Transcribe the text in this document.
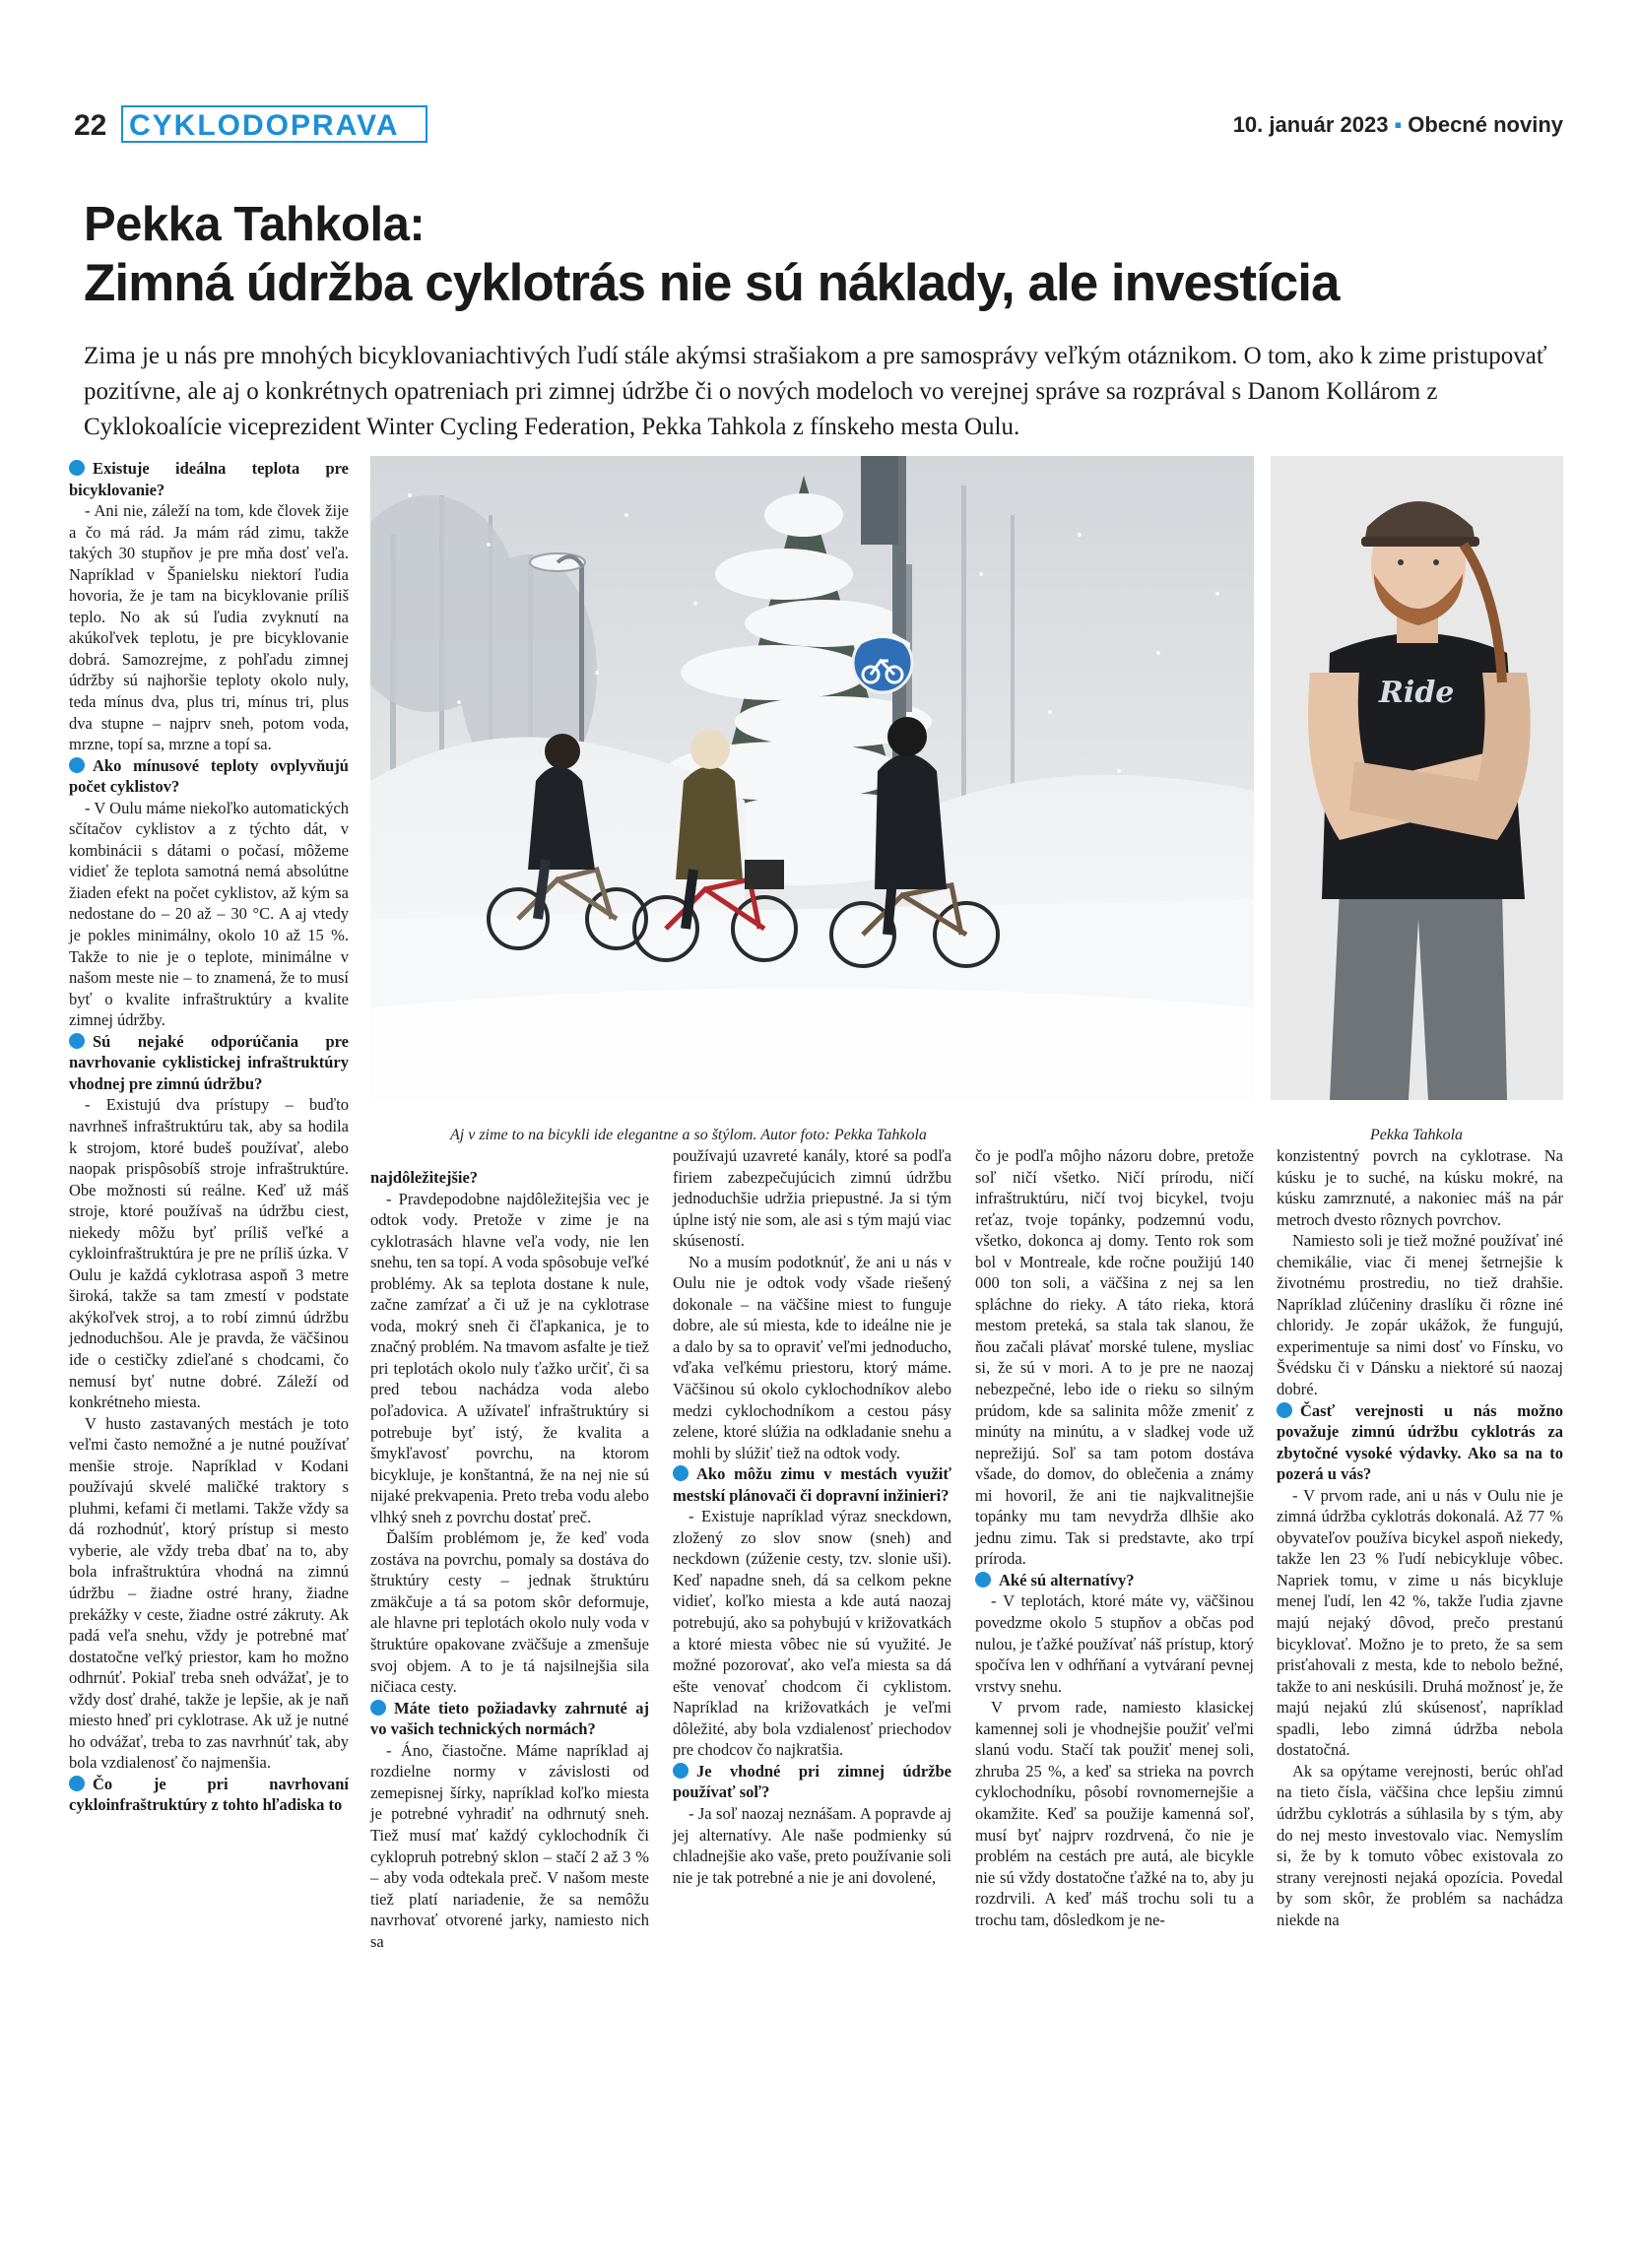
22 CYKLODOPRAVA	10. január 2023 ▪ Obecné noviny
Pekka Tahkola:
Zimná údržba cyklotrás nie sú náklady, ale investícia
Zima je u nás pre mnohých bicyklovaniachtivých ľudí stále akýmsi strašiakom a pre samosprávy veľkým otáznikom. O tom, ako k zime pristupovať pozitívne, ale aj o konkrétnych opatreniach pri zimnej údržbe či o nových modeloch vo verejnej správe sa rozprával s Danom Kollárom z Cyklokoalície viceprezident Winter Cycling Federation, Pekka Tahkola z fínskeho mesta Oulu.
Ride
Aj v zime to na bicykli ide elegantne a so štýlom. Autor foto: Pekka Tahkola	Pekka Tahkola

Existuje ideálna teplota pre bicyklovanie?

- Ani nie, záleží na tom, kde človek žije a čo má rád. Ja mám rád zimu, takže takých 30 stupňov je pre mňa dosť veľa. Napríklad v Španielsku niektorí ľudia hovoria, že je tam na bicyklovanie príliš teplo. No ak sú ľudia zvyknutí na akúkoľvek teplotu, je pre bicyklovanie dobrá. Samozrejme, z pohľadu zimnej údržby sú najhoršie teploty okolo nuly, teda mínus dva, plus tri, mínus tri, plus dva stupne – najprv sneh, potom voda, mrzne, topí sa, mrzne a topí sa.

Ako mínusové teploty ovplyvňujú počet cyklistov?

- V Oulu máme niekoľko automatických sčítačov cyklistov a z týchto dát, v kombinácii s dátami o počasí, môžeme vidieť že teplota samotná nemá absolútne žiaden efekt na počet cyklistov, až kým sa nedostane do – 20 až – 30 °C. A aj vtedy je pokles minimálny, okolo 10 až 15 %. Takže to nie je o teplote, minimálne v našom meste nie – to znamená, že to musí byť o kvalite infraštruktúry a kvalite zimnej údržby.

Sú nejaké odporúčania pre navrhovanie cyklistickej infraštruktúry vhodnej pre zimnú údržbu?

- Existujú dva prístupy – buďto navrhneš infraštruktúru tak, aby sa hodila k strojom, ktoré budeš používať, alebo naopak prispôsobíš stroje infraštruktúre. Obe možnosti sú reálne. Keď už máš stroje, ktoré používaš na údržbu ciest, niekedy môžu byť príliš veľké a cykloinfraštruktúra je pre ne príliš úzka. V Oulu je každá cyklotrasa aspoň 3 metre široká, takže sa tam zmestí v podstate akýkoľvek stroj, a to robí zimnú údržbu jednoduchšou. Ale je pravda, že väčšinou ide o cestičky zdieľané s chodcami, čo nemusí byť nutne dobré. Záleží od konkrétneho miesta.

V husto zastavaných mestách je toto veľmi často nemožné a je nutné používať menšie stroje. Napríklad v Kodani používajú skvelé maličké traktory s pluhmi, kefami či metlami. Takže vždy sa dá rozhodnúť, ktorý prístup si mesto vyberie, ale vždy treba dbať na to, aby bola infraštruktúra vhodná na zimnú údržbu – žiadne ostré hrany, žiadne prekážky v ceste, žiadne ostré zákruty. Ak padá veľa snehu, vždy je potrebné mať dostatočne veľký priestor, kam ho možno odhrnúť. Pokiaľ treba sneh odvážať, je to vždy dosť drahé, takže je lepšie, ak je naň miesto hneď pri cyklotrase. Ak už je nutné ho odvážať, treba to zas navrhnúť tak, aby bola vzdialenosť čo najmenšia.

Čo je pri navrhovaní cykloinfraštruktúry z tohto hľadiska to

najdôležitejšie?

- Pravdepodobne najdôležitejšia vec je odtok vody. Pretože v zime je na cyklotrasách hlavne veľa vody, nie len snehu, ten sa topí. A voda spôsobuje veľké problémy. Ak sa teplota dostane k nule, začne zamŕzať a či už je na cyklotrase voda, mokrý sneh či čľapkanica, je to značný problém. Na tmavom asfalte je tiež pri teplotách okolo nuly ťažko určiť, či sa pred tebou nachádza voda alebo poľadovica. A užívateľ infraštruktúry si potrebuje byť istý, že kvalita a šmykľavosť povrchu, na ktorom bicykluje, je konštantná, že na nej nie sú nijaké prekvapenia. Preto treba vodu alebo vlhký sneh z povrchu dostať preč.

Ďalším problémom je, že keď voda zostáva na povrchu, pomaly sa dostáva do štruktúry cesty – jednak štruktúru zmäkčuje a tá sa potom skôr deformuje, ale hlavne pri teplotách okolo nuly voda v štruktúre opakovane zväčšuje a zmenšuje svoj objem. A to je tá najsilnejšia sila ničiaca cesty.

Máte tieto požiadavky zahrnuté aj vo vašich technických normách?

- Áno, čiastočne. Máme napríklad aj rozdielne normy v závislosti od zemepisnej šírky, napríklad koľko miesta je potrebné vyhradiť na odhrnutý sneh. Tiež musí mať každý cyklochodník či cyklopruh potrebný sklon – stačí 2 až 3 % – aby voda odtekala preč. V našom meste tiež platí nariadenie, že sa nemôžu navrhovať otvorené jarky, namiesto nich sa

používajú uzavreté kanály, ktoré sa podľa firiem zabezpečujúcich zimnú údržbu jednoduchšie udržia priepustné. Ja si tým úplne istý nie som, ale asi s tým majú viac skúseností.

No a musím podotknúť, že ani u nás v Oulu nie je odtok vody všade riešený dokonale – na väčšine miest to funguje dobre, ale sú miesta, kde to ideálne nie je a dalo by sa to opraviť veľmi jednoducho, vďaka veľkému priestoru, ktorý máme. Väčšinou sú okolo cyklochodníkov alebo medzi cyklochodníkom a cestou pásy zelene, ktoré slúžia na odkladanie snehu a mohli by slúžiť tiež na odtok vody.

Ako môžu zimu v mestách využiť mestskí plánovači či dopravní inžinieri?

- Existuje napríklad výraz sneckdown, zložený zo slov snow (sneh) and neckdown (zúženie cesty, tzv. slonie uši). Keď napadne sneh, dá sa celkom pekne vidieť, koľko miesta a kde autá naozaj potrebujú, ako sa pohybujú v križovatkách a ktoré miesta vôbec nie sú využité. Je možné pozorovať, ako veľa miesta sa dá ešte venovať chodcom či cyklistom. Napríklad na križovatkách je veľmi dôležité, aby bola vzdialenosť priechodov pre chodcov čo najkratšia.

Je vhodné pri zimnej údržbe používať soľ?

- Ja soľ naozaj neznášam. A popravde aj jej alternatívy. Ale naše podmienky sú chladnejšie ako vaše, preto používanie soli nie je tak potrebné a nie je ani dovolené,

čo je podľa môjho názoru dobre, pretože soľ ničí všetko. Ničí prírodu, ničí infraštruktúru, ničí tvoj bicykel, tvoju reťaz, tvoje topánky, podzemnú vodu, všetko, dokonca aj domy. Tento rok som bol v Montreale, kde ročne použijú 140 000 ton soli, a väčšina z nej sa len spláchne do rieky. A táto rieka, ktorá mestom preteká, sa stala tak slanou, že ňou začali plávať morské tulene, mysliac si, že sú v mori. A to je pre ne naozaj nebezpečné, lebo ide o rieku so silným prúdom, kde sa salinita môže zmeniť z minúty na minútu, a v sladkej vode už neprežijú. Soľ sa tam potom dostáva všade, do domov, do oblečenia a známy mi hovoril, že ani tie najkvalitnejšie topánky mu tam nevydrža dlhšie ako jednu zimu. Tak si predstavte, ako trpí príroda.

Aké sú alternatívy?

- V teplotách, ktoré máte vy, väčšinou povedzme okolo 5 stupňov a občas pod nulou, je ťažké používať náš prístup, ktorý spočíva len v odhŕňaní a vytváraní pevnej vrstvy snehu.

V prvom rade, namiesto klasickej kamennej soli je vhodnejšie použiť veľmi slanú vodu. Stačí tak použiť menej soli, zhruba 25 %, a keď sa strieka na povrch cyklochodníku, pôsobí rovnomernejšie a okamžite. Keď sa použije kamenná soľ, musí byť najprv rozdrvená, čo nie je problém na cestách pre autá, ale bicykle nie sú vždy dostatočne ťažké na to, aby ju rozdrvili. A keď máš trochu soli tu a trochu tam, dôsledkom je ne-

konzistentný povrch na cyklotrase. Na kúsku je to suché, na kúsku mokré, na kúsku zamrznuté, a nakoniec máš na pár metroch dvesto rôznych povrchov.

Namiesto soli je tiež možné používať iné chemikálie, viac či menej šetrnejšie k životnému prostrediu, no tiež drahšie. Napríklad zlúčeniny draslíku či rôzne iné chloridy. Je zopár ukážok, že fungujú, experimentuje sa nimi dosť vo Fínsku, vo Švédsku či v Dánsku a niektoré sú naozaj dobré.

Časť verejnosti u nás možno považuje zimnú údržbu cyklotrás za zbytočné vysoké výdavky. Ako sa na to pozerá u vás?

- V prvom rade, ani u nás v Oulu nie je zimná údržba cyklotrás dokonalá. Až 77 % obyvateľov používa bicykel aspoň niekedy, takže len 23 % ľudí nebicykluje vôbec. Napriek tomu, v zime u nás bicykluje menej ľudí, len 42 %, takže ľudia zjavne majú nejaký dôvod, prečo prestanú bicyklovať. Možno je to preto, že sa sem prisťahovali z mesta, kde to nebolo bežné, takže to ani neskúsili. Druhá možnosť je, že majú nejakú zlú skúsenosť, napríklad spadli, lebo zimná údržba nebola dostatočná.

Ak sa opýtame verejnosti, berúc ohľad na tieto čísla, väčšina chce lepšiu zimnú údržbu cyklotrás a súhlasila by s tým, aby do nej mesto investovalo viac. Nemyslím si, že by k tomuto vôbec existovala zo strany verejnosti nejaká opozícia. Povedal by som skôr, že problém sa nachádza niekde na
